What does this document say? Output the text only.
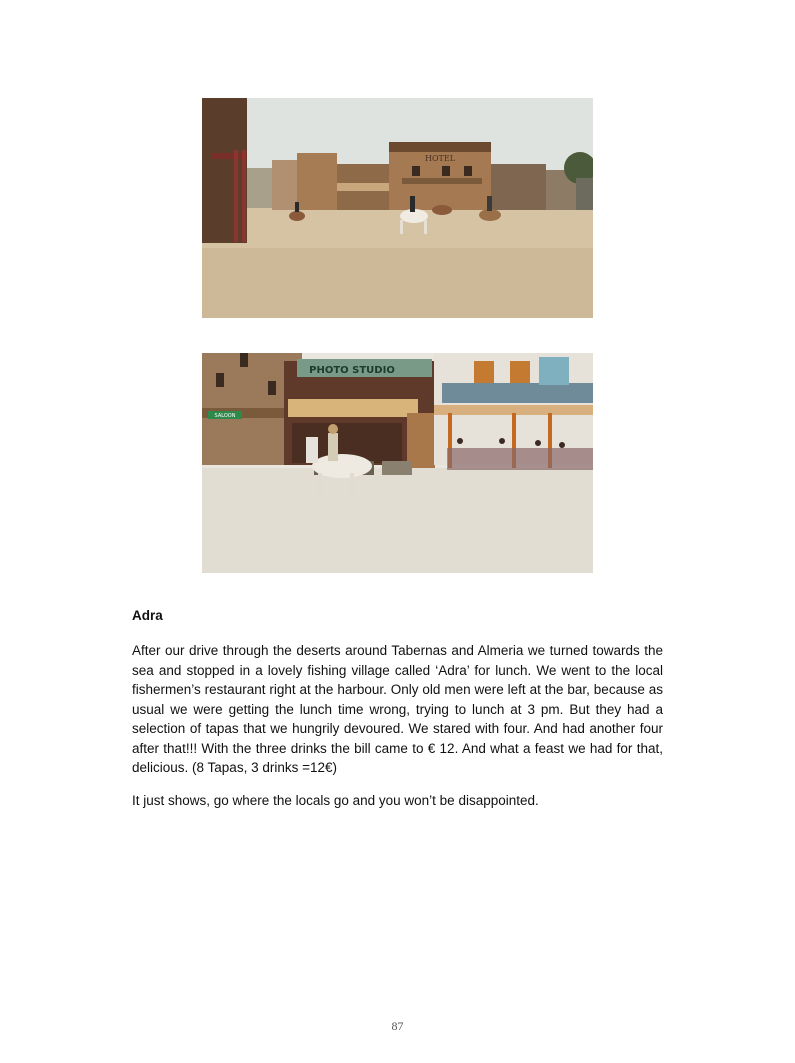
HOTEL
SALOON
PHOTO STUDIO
Adra

After our drive through the deserts around Tabernas and Almeria we turned towards the sea and stopped in a lovely fishing village called ‘Adra’ for lunch. We went to the local fishermen’s restaurant right at the harbour. Only old men were left at the bar, because as usual we were getting the lunch time wrong, trying to lunch at 3 pm. But they had a selection of tapas that we hungrily devoured. We stared with four. And had another four after that!!! With the three drinks the bill came to € 12. And what a feast we had for that, delicious. (8 Tapas, 3 drinks =12€)

It just shows, go where the locals go and you won’t be disappointed.

87
